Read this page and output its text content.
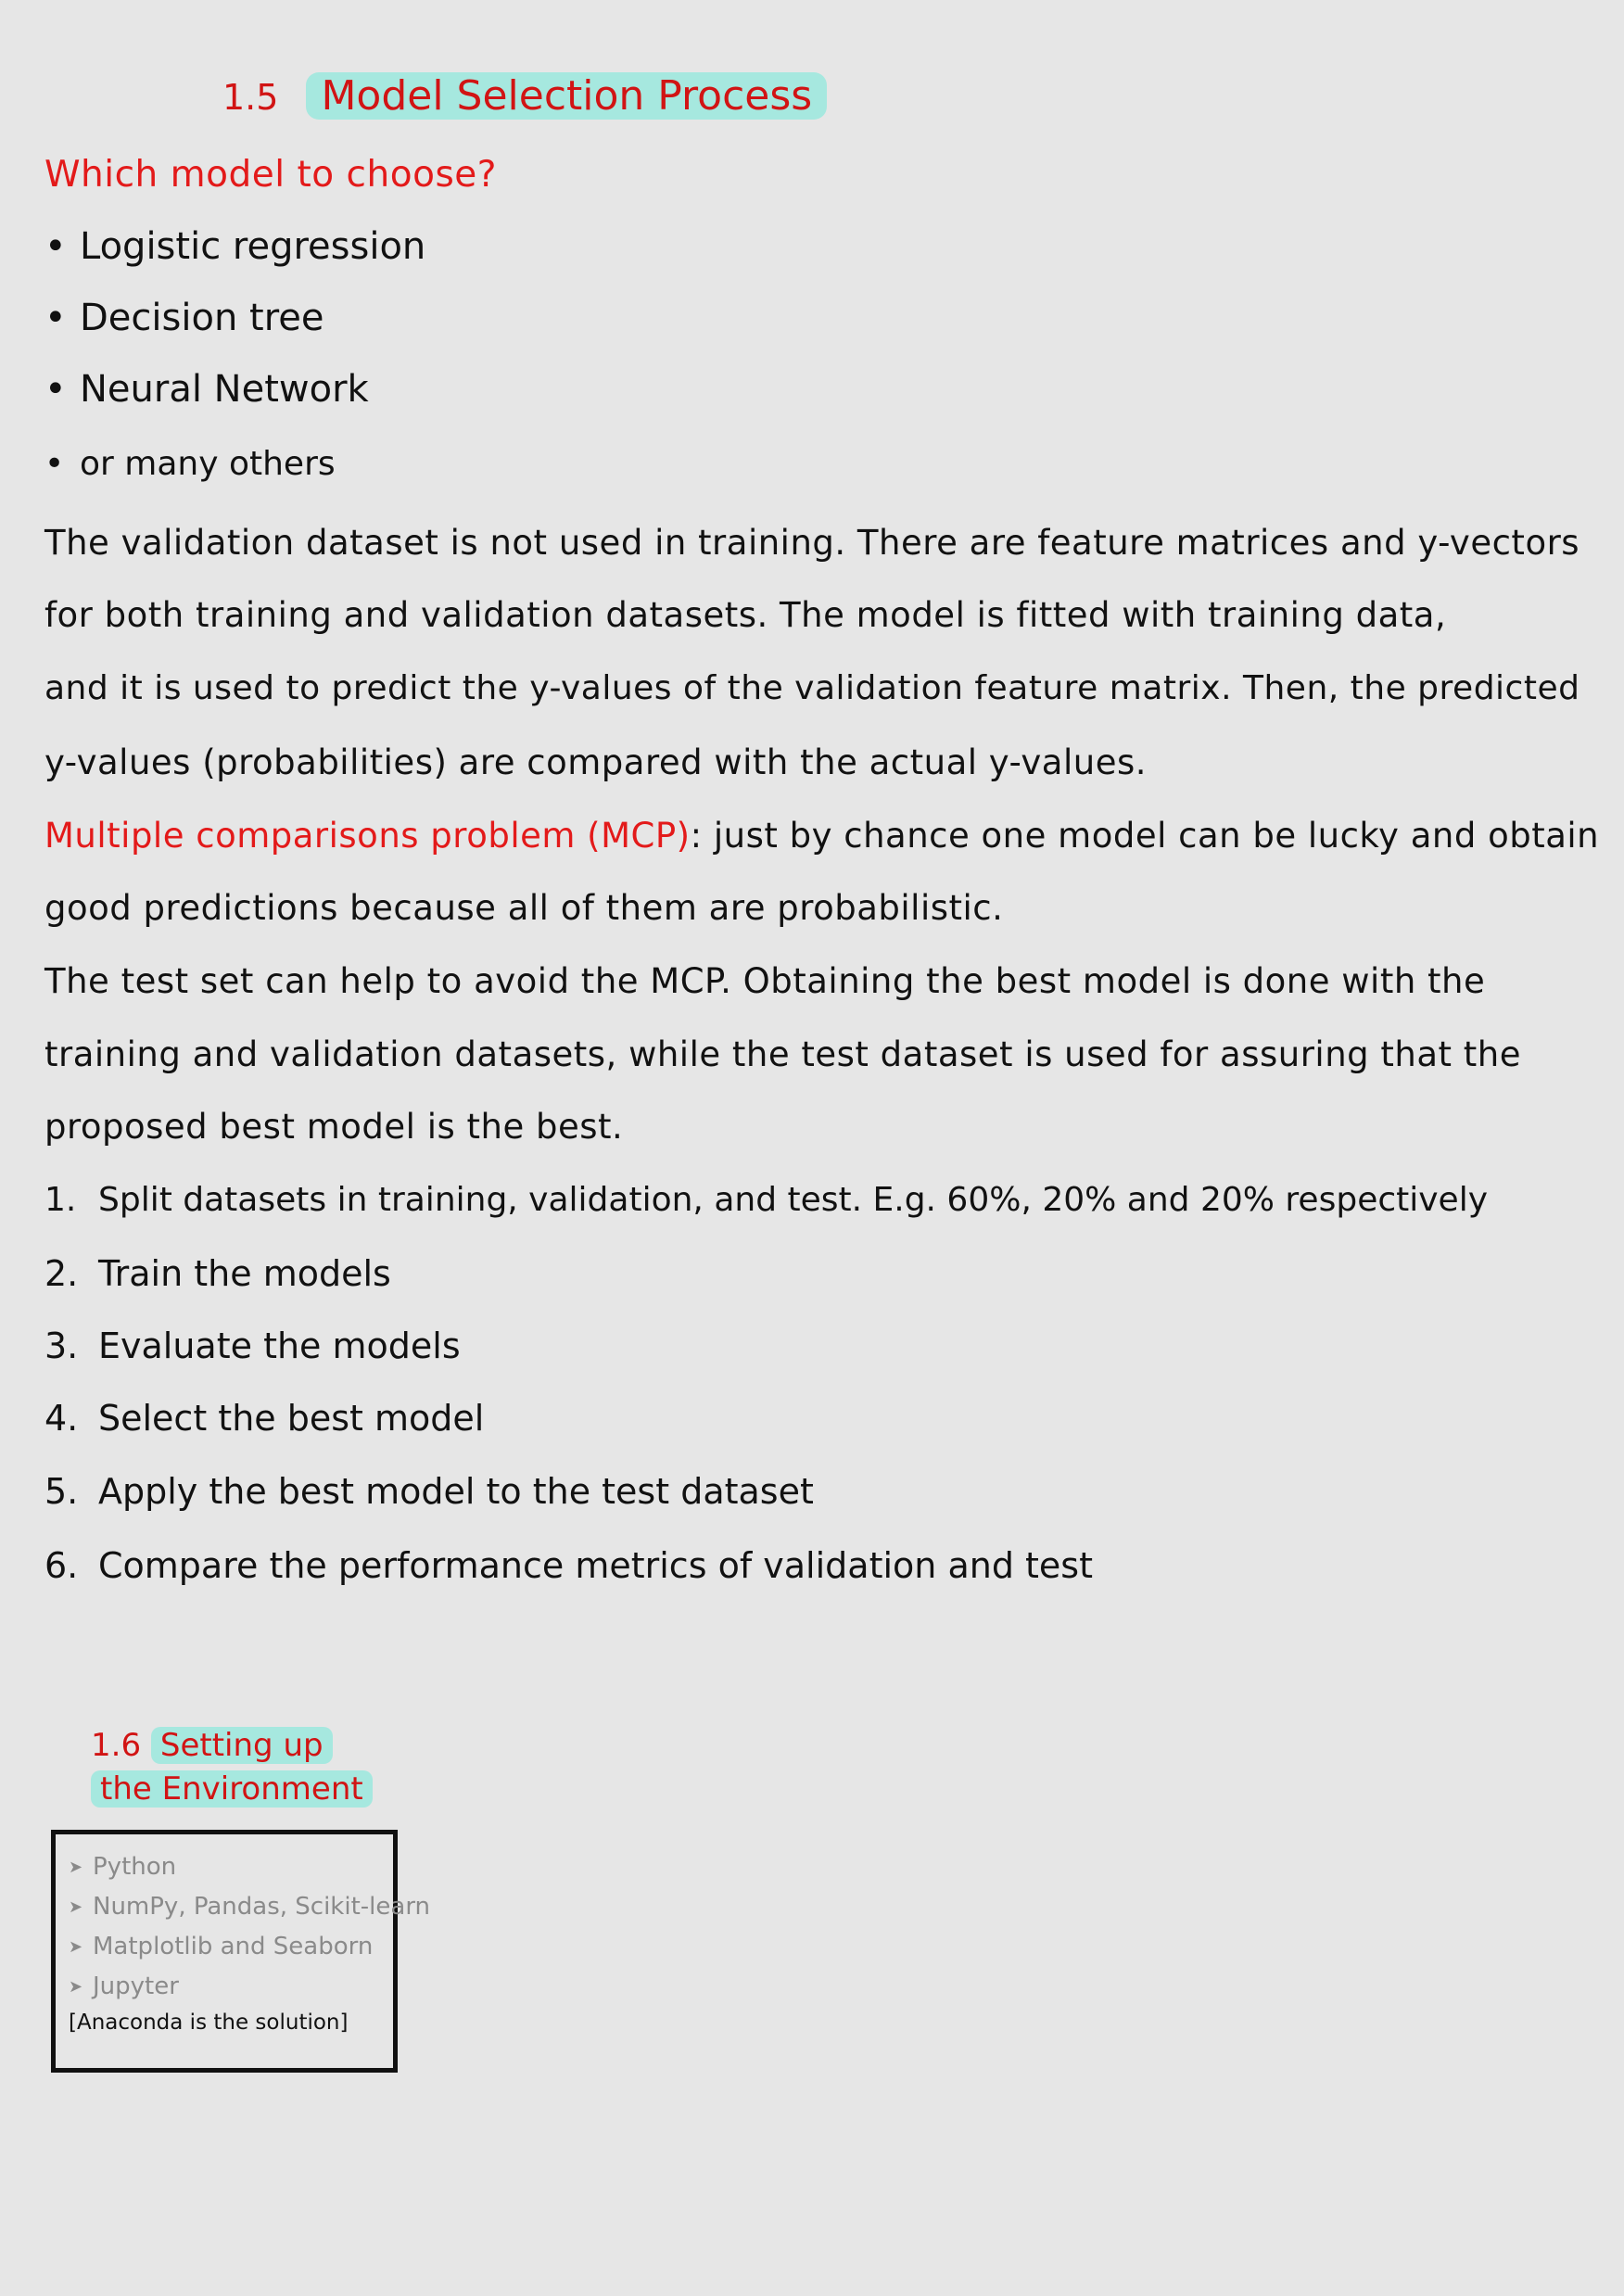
1.5 Model Selection Process
Which model to choose?
• Logistic regression
• Decision tree
• Neural Network
• or many others
The validation dataset is not used in training. There are feature matrices and y-vectors
for both training and validation datasets. The model is fitted with training data,
and it is used to predict the y-values of the validation feature matrix. Then, the predicted
y-values (probabilities) are compared with the actual y-values.
Multiple comparisons problem (MCP): just by chance one model can be lucky and obtain
good predictions because all of them are probabilistic.
The test set can help to avoid the MCP. Obtaining the best model is done with the
training and validation datasets, while the test dataset is used for assuring that the
proposed best model is the best.
1. Split datasets in training, validation, and test. E.g. 60%, 20% and 20% respectively
2. Train the models
3. Evaluate the models
4. Select the best model
5. Apply the best model to the test dataset
6. Compare the performance metrics of validation and test
1.6 Setting up
the Environment
➤ Python
➤ NumPy, Pandas, Scikit-learn
➤ Matplotlib and Seaborn
➤ Jupyter
[Anaconda is the solution]
